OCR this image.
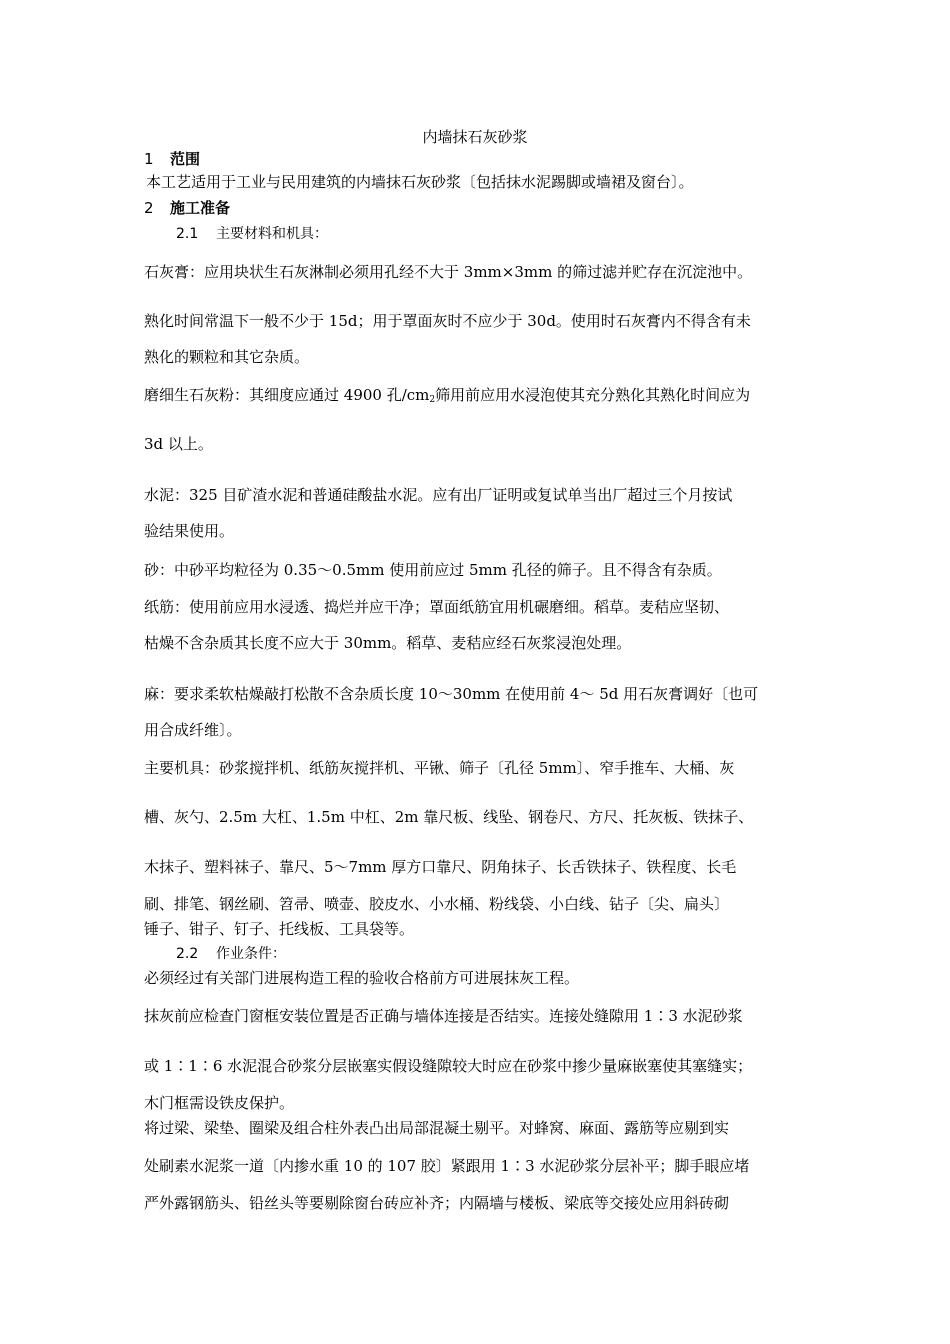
内墙抹石灰砂浆
1 范围
本工艺适用于工业与民用建筑的内墙抹石灰砂浆〔包括抹水泥踢脚或墙裙及窗台〕。
2 施工准备
2.1 主要材料和机具：
石灰膏：应用块状生石灰淋制必须用孔经不大于 3mm×3mm 的筛过滤并贮存在沉淀池中。
熟化时间常温下一般不少于 15d；用于罩面灰时不应少于 30d。使用时石灰膏内不得含有未
熟化的颗粒和其它杂质。
磨细生石灰粉：其细度应通过 4900 孔$/cm_2$筛用前应用水浸泡使其充分熟化其熟化时间应为
3d 以上。
水泥：325 目矿渣水泥和普通硅酸盐水泥。应有出厂证明或复试单当出厂超过三个月按试
验结果使用。
砂：中砂平均粒径为 0.35～0.5mm 使用前应过 5mm 孔径的筛子。且不得含有杂质。
纸筋：使用前应用水浸透、捣烂并应干净；罩面纸筋宜用机碾磨细。稻草。麦秸应坚韧、
枯燥不含杂质其长度不应大于 30mm。稻草、麦秸应经石灰浆浸泡处理。
麻：要求柔软枯燥敲打松散不含杂质长度 10～30mm 在使用前 4～ 5d 用石灰膏调好〔也可
用合成纤维〕。
主要机具：砂浆搅拌机、纸筋灰搅拌机、平锹、筛子〔孔径 5mm〕、窄手推车、大桶、灰
槽、灰勺、2.5m 大杠、1.5m 中杠、2m 靠尺板、线坠、钢卷尺、方尺、托灰板、铁抹子、
木抹子、塑料袜子、靠尺、5～7mm 厚方口靠尺、阴角抹子、长舌铁抹子、铁程度、长毛
刷、排笔、钢丝刷、笤帚、喷壶、胶皮水、小水桶、粉线袋、小白线、钻子〔尖、扁头〕
锤子、钳子、钉子、托线板、工具袋等。
2.2 作业条件：
必须经过有关部门进展构造工程的验收合格前方可进展抹灰工程。
抹灰前应检查门窗框安装位置是否正确与墙体连接是否结实。连接处缝隙用 1∶3 水泥砂浆
或 1∶1∶6 水泥混合砂浆分层嵌塞实假设缝隙较大时应在砂浆中掺少量麻嵌塞使其塞缝实；
木门框需设铁皮保护。
将过梁、梁垫、圈梁及组合柱外表凸出局部混凝土剔平。对蜂窝、麻面、露筋等应剔到实
处刷素水泥浆一道〔内掺水重 10 的 107 胶〕紧跟用 1∶3 水泥砂浆分层补平；脚手眼应堵
严外露钢筋头、铅丝头等要剔除窗台砖应补齐；内隔墙与楼板、梁底等交接处应用斜砖砌
